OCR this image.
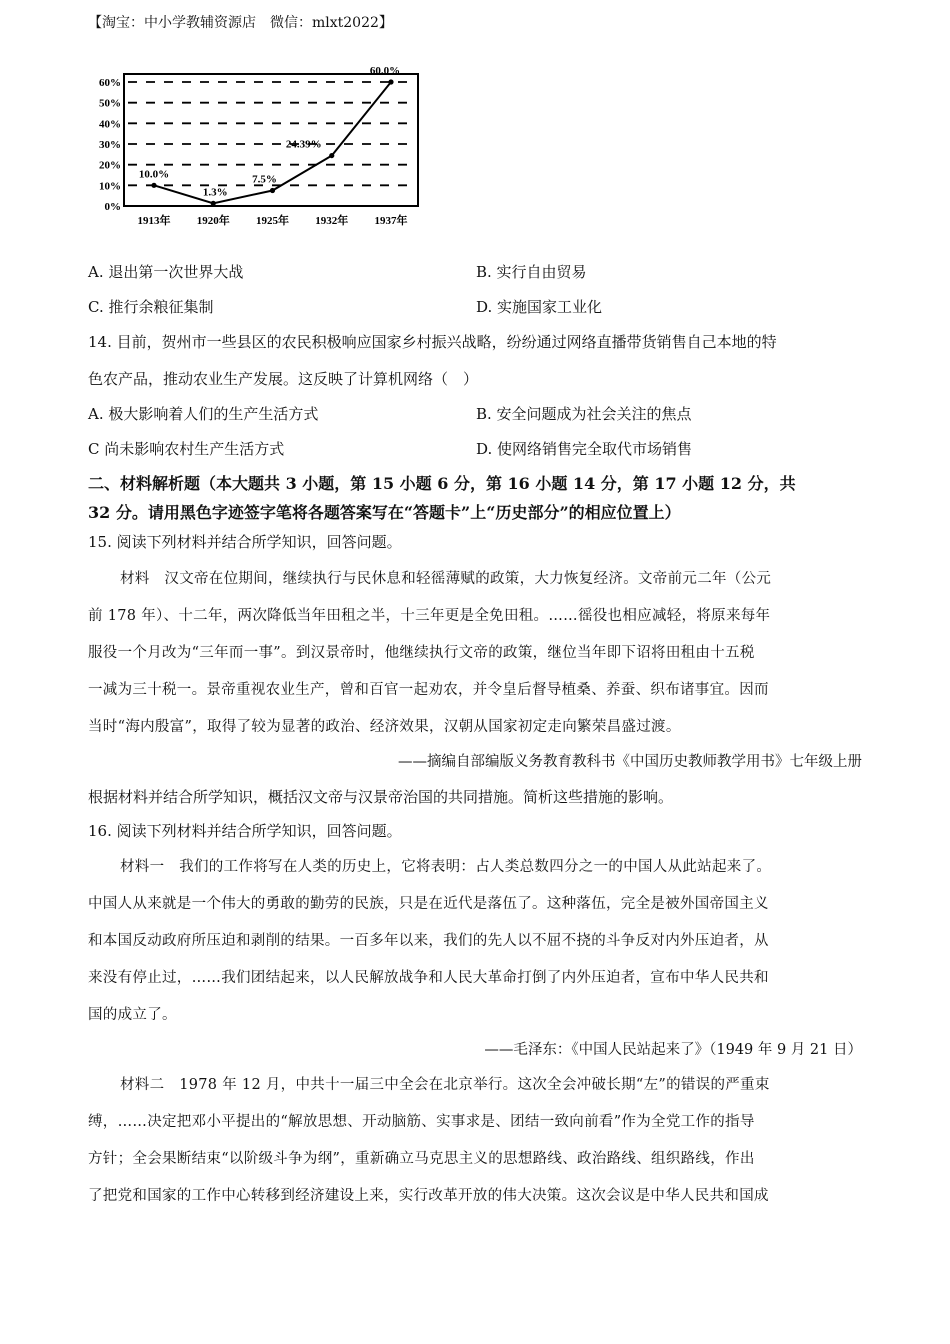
【淘宝：中小学教辅资源店　微信：mlxt2022】
0%
10%
20%
30%
40%
50%
60%
1913年 1920年 1925年 1932年 1937年
10.0%
1.3%
7.5%
24.39%
60.0%
A. 退出第一次世界大战	B. 实行自由贸易
C. 推行余粮征集制	D. 实施国家工业化
14. 目前，贺州市一些县区的农民积极响应国家乡村振兴战略，纷纷通过网络直播带货销售自己本地的特
色农产品，推动农业生产发展。这反映了计算机网络（　）
A. 极大影响着人们的生产生活方式	B. 安全问题成为社会关注的焦点
C 尚未影响农村生产生活方式	D. 使网络销售完全取代市场销售
二、材料解析题（本大题共 3 小题，第 15 小题 6 分，第 16 小题 14 分，第 17 小题 12 分，共
32 分。请用黑色字迹签字笔将各题答案写在“答题卡”上“历史部分”的相应位置上）
15. 阅读下列材料并结合所学知识，回答问题。
材料　汉文帝在位期间，继续执行与民休息和轻徭薄赋的政策，大力恢复经济。文帝前元二年（公元
前 178 年）、十二年，两次降低当年田租之半，十三年更是全免田租。……徭役也相应减轻，将原来每年
服役一个月改为“三年而一事”。到汉景帝时，他继续执行文帝的政策，继位当年即下诏将田租由十五税
一减为三十税一。景帝重视农业生产，曾和百官一起劝农，并令皇后督导植桑、养蚕、织布诸事宜。因而
当时“海内殷富”，取得了较为显著的政治、经济效果，汉朝从国家初定走向繁荣昌盛过渡。
——摘编自部编版义务教育教科书《中国历史教师教学用书》七年级上册
根据材料并结合所学知识，概括汉文帝与汉景帝治国的共同措施。简析这些措施的影响。
16. 阅读下列材料并结合所学知识，回答问题。
材料一　我们的工作将写在人类的历史上，它将表明：占人类总数四分之一的中国人从此站起来了。
中国人从来就是一个伟大的勇敢的勤劳的民族，只是在近代是落伍了。这种落伍，完全是被外国帝国主义
和本国反动政府所压迫和剥削的结果。一百多年以来，我们的先人以不屈不挠的斗争反对内外压迫者，从
来没有停止过，……我们团结起来，以人民解放战争和人民大革命打倒了内外压迫者，宣布中华人民共和
国的成立了。
——毛泽东：《中国人民站起来了》（1949 年 9 月 21 日）
材料二　1978 年 12 月，中共十一届三中全会在北京举行。这次全会冲破长期“左”的错误的严重束
缚，……决定把邓小平提出的“解放思想、开动脑筋、实事求是、团结一致向前看”作为全党工作的指导
方针；全会果断结束“以阶级斗争为纲”，重新确立马克思主义的思想路线、政治路线、组织路线，作出
了把党和国家的工作中心转移到经济建设上来，实行改革开放的伟大决策。这次会议是中华人民共和国成
